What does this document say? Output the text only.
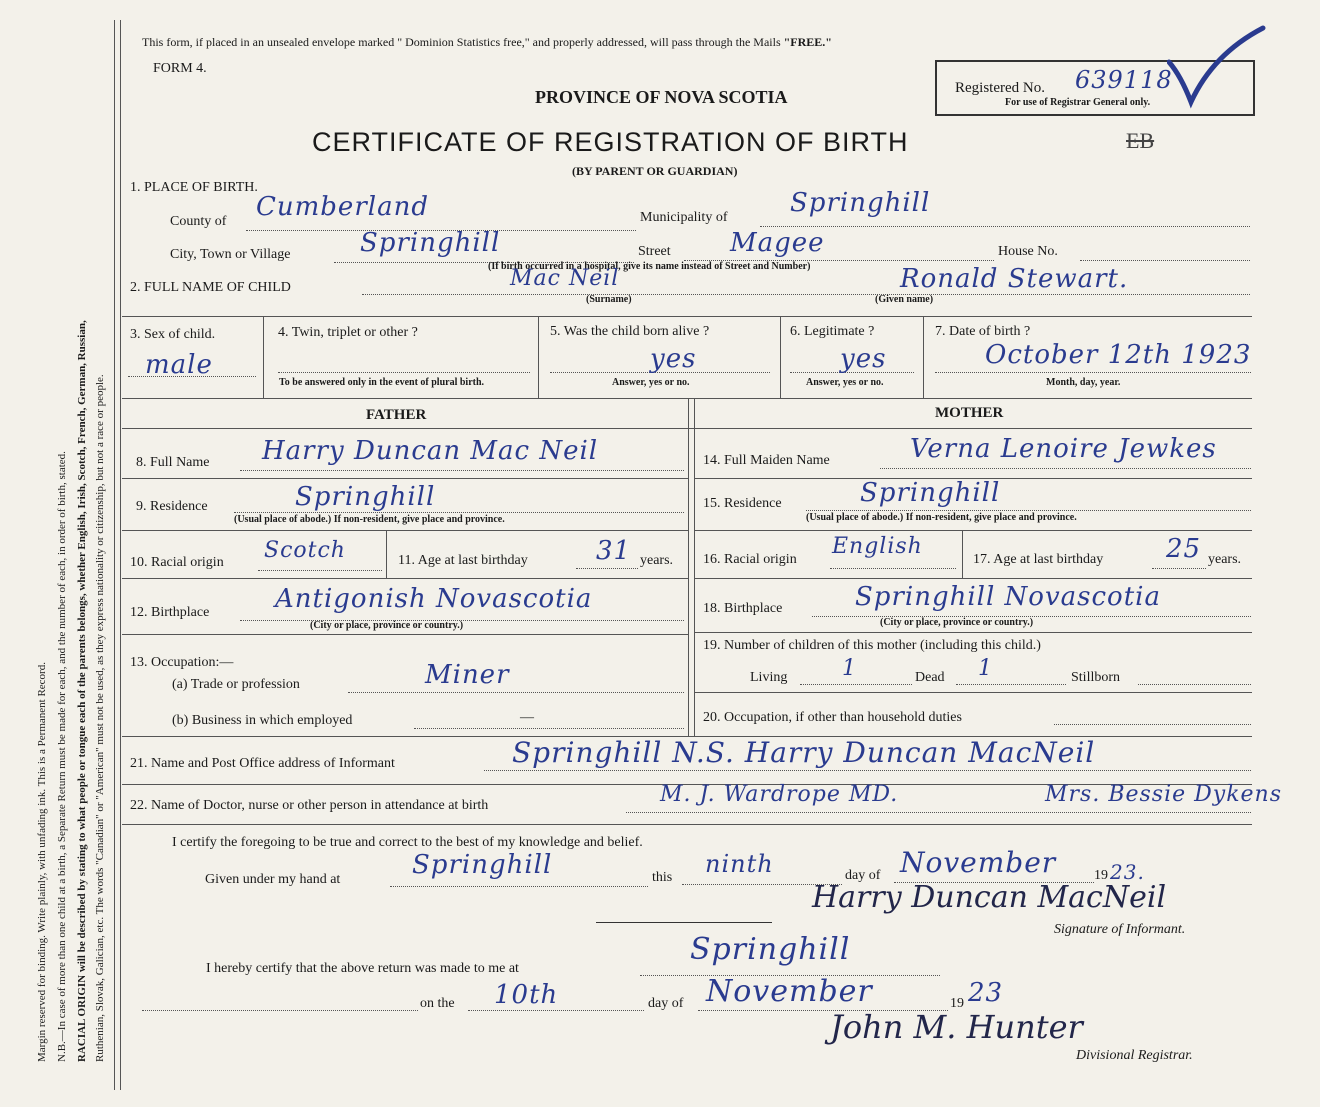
Margin reserved for binding. Write plainly, with unfading ink. This is a Permanent Record. N.B.—In case of more than one child at a birth, a Separate Return must be made for each, and the number of each, in order of birth, stated. RACIAL ORIGIN will be described by stating to what people or tongue each of the parents belongs, whether English, Irish, Scotch, French, German, Russian, Ruthenian, Slovak, Galician, etc. The words "Canadian" or "American" must not be used, as they express nationality or citizenship, but not a race or people.
This form, if placed in an unsealed envelope marked " Dominion Statistics free," and properly addressed, will pass through the Mails "FREE."
FORM 4.
PROVINCE OF NOVA SCOTIA
CERTIFICATE OF REGISTRATION OF BIRTH
(BY PARENT OR GUARDIAN)
Registered No. 639118
For use of Registrar General only.
EB
1. PLACE OF BIRTH.
County of Cumberland	Municipality of Springhill
City, Town or Village	Springhill	Street Magee	House No.
(If birth occurred in a hospital, give its name instead of Street and Number)
2. FULL NAME OF CHILD	Mac Neil	Ronald Stewart.
(Surname)	(Given name)
3. Sex of child.
male
4. Twin, triplet or other ?
To be answered only in the event of plural birth.
5. Was the child born alive ?
yes
Answer, yes or no.
6. Legitimate ?
yes
Answer, yes or no.
7. Date of birth ?
October 12th 1923
Month, day, year.
FATHER	MOTHER
8. Full Name Harry Duncan Mac Neil
9. Residence	Springhill
(Usual place of abode.) If non-resident, give place and province.
10. Racial origin Scotch	11. Age at last birthday	31 years.
12. Birthplace	Antigonish Novascotia
(City or place, province or country.)
13. Occupation:—
(a) Trade or profession	Miner
(b) Business in which employed	—
14. Full Maiden Name	Verna Lenoire Jewkes
15. Residence	Springhill
(Usual place of abode.) If non-resident, give place and province.
16. Racial origin
English
17. Age at last birthday 25 years.
18. Birthplace	Springhill Novascotia
(City or place, province or country.)
19. Number of children of this mother (including this child.)
Living 1	Dead 1	Stillborn
20. Occupation, if other than household duties
21. Name and Post Office address of Informant	Springhill N.S. Harry Duncan MacNeil
22. Name of Doctor, nurse or other person in attendance at birth	M. J. Wardrope MD.	Mrs. Bessie Dykens
I certify the foregoing to be true and correct to the best of my knowledge and belief.
Given under my hand at	Springhill	this ninth	day of November	19 23.
Harry Duncan MacNeil
Signature of Informant.
I hereby certify that the above return was made to me at
Springhill
on the 10th	day of November	19 23
John M. Hunter
Divisional Registrar.
